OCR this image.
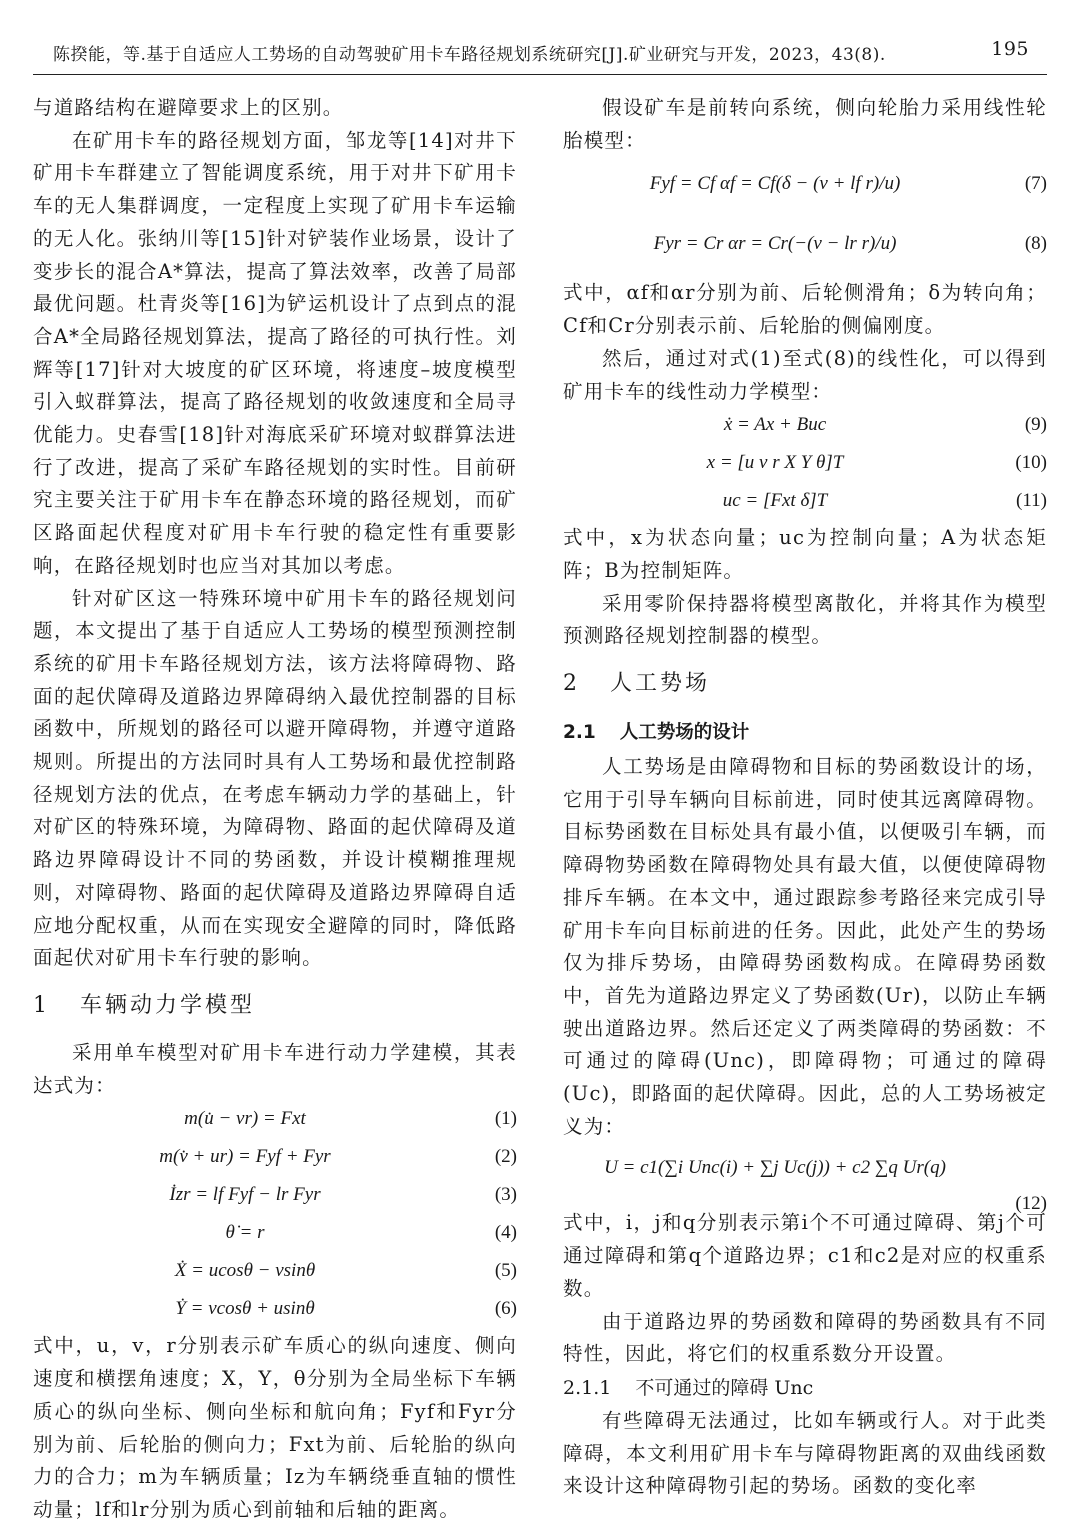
陈揆能，等.基于自适应人工势场的自动驾驶矿用卡车路径规划系统研究[J].矿业研究与开发，2023，43(8).	195

与道路结构在避障要求上的区别。

在矿用卡车的路径规划方面，邹龙等[14]对井下矿用卡车群建立了智能调度系统，用于对井下矿用卡车的无人集群调度，一定程度上实现了矿用卡车运输的无人化。张纳川等[15]针对铲装作业场景，设计了变步长的混合A*算法，提高了算法效率，改善了局部最优问题。杜青炎等[16]为铲运机设计了点到点的混合A*全局路径规划算法，提高了路径的可执行性。刘辉等[17]针对大坡度的矿区环境，将速度–坡度模型引入蚁群算法，提高了路径规划的收敛速度和全局寻优能力。史春雪[18]针对海底采矿环境对蚁群算法进行了改进，提高了采矿车路径规划的实时性。目前研究主要关注于矿用卡车在静态环境的路径规划，而矿区路面起伏程度对矿用卡车行驶的稳定性有重要影响，在路径规划时也应当对其加以考虑。

针对矿区这一特殊环境中矿用卡车的路径规划问题，本文提出了基于自适应人工势场的模型预测控制系统的矿用卡车路径规划方法，该方法将障碍物、路面的起伏障碍及道路边界障碍纳入最优控制器的目标函数中，所规划的路径可以避开障碍物，并遵守道路规则。所提出的方法同时具有人工势场和最优控制路径规划方法的优点，在考虑车辆动力学的基础上，针对矿区的特殊环境，为障碍物、路面的起伏障碍及道路边界障碍设计不同的势函数，并设计模糊推理规则，对障碍物、路面的起伏障碍及道路边界障碍自适应地分配权重，从而在实现安全避障的同时，降低路面起伏对矿用卡车行驶的影响。

1 车辆动力学模型

采用单车模型对矿用卡车进行动力学建模，其表达式为：

m(u̇ − vr) = Fxt	(1)
m(v̇ + ur) = Fyf + Fyr	(2)
İzr = lf Fyf − lr Fyr	(3)
θ̇ = r	(4)
Ẋ = ucosθ − vsinθ	(5)
Ẏ = vcosθ + usinθ	(6)

式中，u，v，r分别表示矿车质心的纵向速度、侧向速度和横摆角速度；X，Y，θ分别为全局坐标下车辆质心的纵向坐标、侧向坐标和航向角；Fyf和Fyr分别为前、后轮胎的侧向力；Fxt为前、后轮胎的纵向力的合力；m为车辆质量；Iz为车辆绕垂直轴的惯性动量；lf和lr分别为质心到前轴和后轴的距离。

假设矿车是前转向系统，侧向轮胎力采用线性轮胎模型：

Fyf = Cf αf = Cf(δ − (v + lf r)/u)	(7)
Fyr = Cr αr = Cr(−(v − lr r)/u)	(8)

式中，αf和αr分别为前、后轮侧滑角；δ为转向角；Cf和Cr分别表示前、后轮胎的侧偏刚度。

然后，通过对式(1)至式(8)的线性化，可以得到矿用卡车的线性动力学模型：

ẋ = Ax + Buc	(9)
x = [u v r X Y θ]T	(10)
uc = [Fxt δ]T	(11)

式中，x为状态向量；uc为控制向量；A为状态矩阵；B为控制矩阵。

采用零阶保持器将模型离散化，并将其作为模型预测路径规划控制器的模型。

2 人工势场
2.1 人工势场的设计

人工势场是由障碍物和目标的势函数设计的场，它用于引导车辆向目标前进，同时使其远离障碍物。目标势函数在目标处具有最小值，以便吸引车辆，而障碍物势函数在障碍物处具有最大值，以便使障碍物排斥车辆。在本文中，通过跟踪参考路径来完成引导矿用卡车向目标前进的任务。因此，此处产生的势场仅为排斥势场，由障碍势函数构成。在障碍势函数中，首先为道路边界定义了势函数(Ur)，以防止车辆驶出道路边界。然后还定义了两类障碍的势函数：不可通过的障碍(Unc)，即障碍物；可通过的障碍(Uc)，即路面的起伏障碍。因此，总的人工势场被定义为：

U = c1(∑i Unc(i) + ∑j Uc(j)) + c2 ∑q Ur(q)
(12)

式中，i，j和q分别表示第i个不可通过障碍、第j个可通过障碍和第q个道路边界；c1和c2是对应的权重系数。

由于道路边界的势函数和障碍的势函数具有不同特性，因此，将它们的权重系数分开设置。

2.1.1 不可通过的障碍 Unc

有些障碍无法通过，比如车辆或行人。对于此类障碍，本文利用矿用卡车与障碍物距离的双曲线函数来设计这种障碍物引起的势场。函数的变化率
